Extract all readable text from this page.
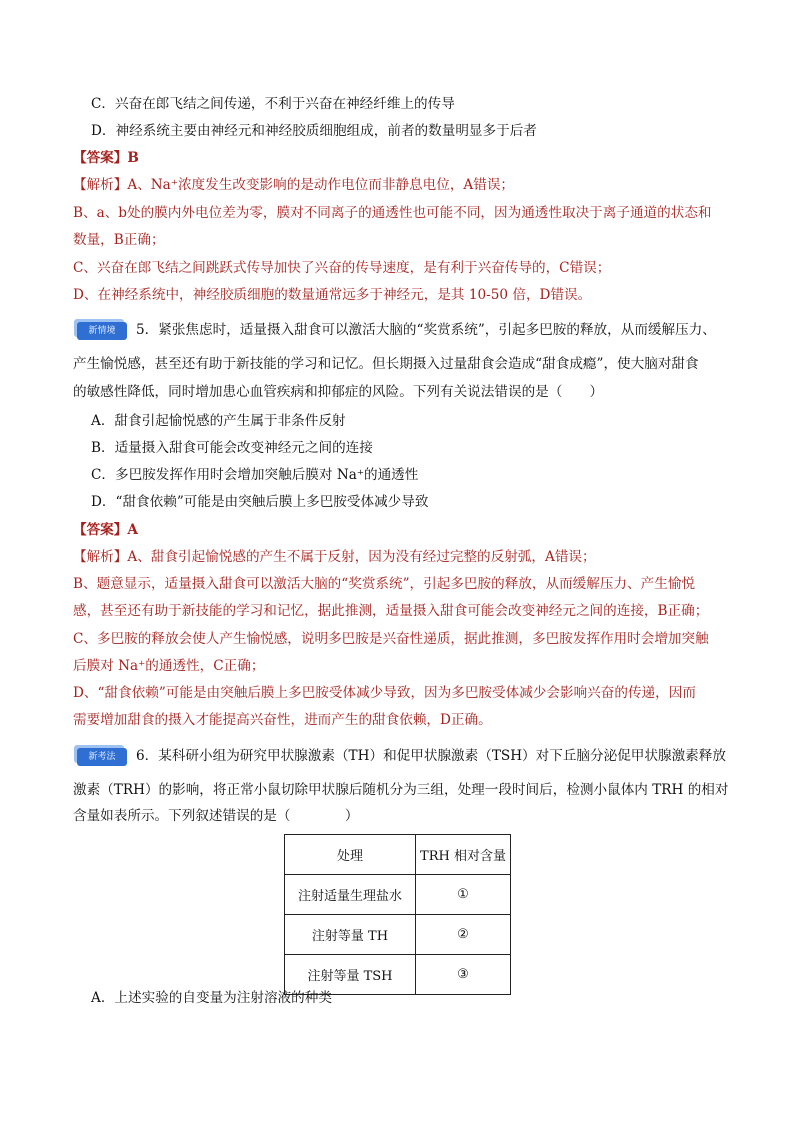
C．兴奋在郎飞结之间传递，不利于兴奋在神经纤维上的传导
D．神经系统主要由神经元和神经胶质细胞组成，前者的数量明显多于后者
【答案】B
【解析】A、Na⁺浓度发生改变影响的是动作电位而非静息电位，A错误；
B、a、b处的膜内外电位差为零，膜对不同离子的通透性也可能不同，因为通透性取决于离子通道的状态和
数量，B正确；
C、兴奋在郎飞结之间跳跃式传导加快了兴奋的传导速度，是有利于兴奋传导的，C错误；
D、在神经系统中，神经胶质细胞的数量通常远多于神经元，是其 10-50 倍，D错误。
新情境	5．紧张焦虑时，适量摄入甜食可以激活大脑的“奖赏系统”，引起多巴胺的释放，从而缓解压力、
产生愉悦感，甚至还有助于新技能的学习和记忆。但长期摄入过量甜食会造成“甜食成瘾”，使大脑对甜食
的敏感性降低，同时增加患心血管疾病和抑郁症的风险。下列有关说法错误的是（　　）
A．甜食引起愉悦感的产生属于非条件反射
B．适量摄入甜食可能会改变神经元之间的连接
C．多巴胺发挥作用时会增加突触后膜对 Na⁺的通透性
D．“甜食依赖”可能是由突触后膜上多巴胺受体减少导致
【答案】A
【解析】A、甜食引起愉悦感的产生不属于反射，因为没有经过完整的反射弧，A错误；
B、题意显示，适量摄入甜食可以激活大脑的“奖赏系统”，引起多巴胺的释放，从而缓解压力、产生愉悦
感，甚至还有助于新技能的学习和记忆，据此推测，适量摄入甜食可能会改变神经元之间的连接，B正确；
C、多巴胺的释放会使人产生愉悦感，说明多巴胺是兴奋性递质，据此推测，多巴胺发挥作用时会增加突触
后膜对 Na⁺的通透性，C正确；
D、“甜食依赖”可能是由突触后膜上多巴胺受体减少导致，因为多巴胺受体减少会影响兴奋的传递，因而
需要增加甜食的摄入才能提高兴奋性，进而产生的甜食依赖，D正确。
新考法	6．某科研小组为研究甲状腺激素（TH）和促甲状腺激素（TSH）对下丘脑分泌促甲状腺激素释放
激素（TRH）的影响，将正常小鼠切除甲状腺后随机分为三组，处理一段时间后，检测小鼠体内 TRH 的相对
含量如表所示。下列叙述错误的是（　　　　）
处理	TRH 相对含量
注射适量生理盐水	①
注射等量 TH	②
注射等量 TSH	③
A．上述实验的自变量为注射溶液的种类
